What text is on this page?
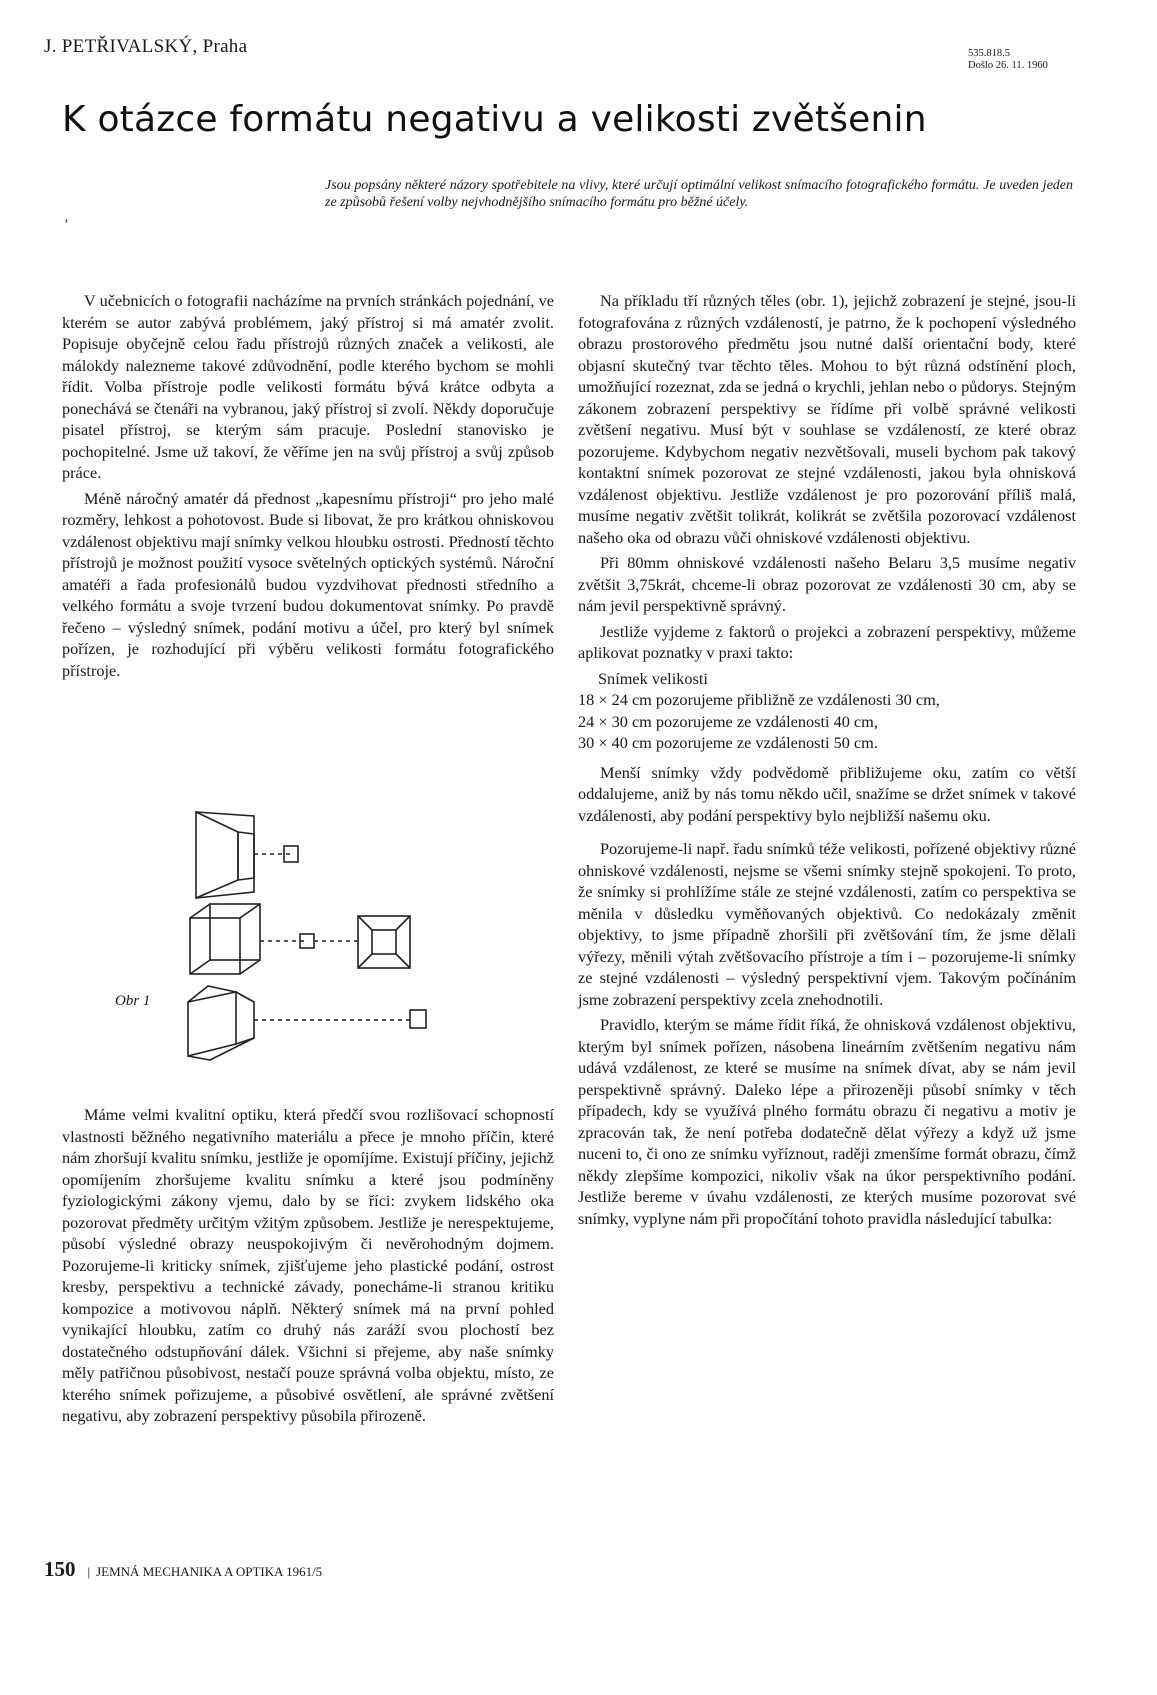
J. PETŘIVALSKÝ, Praha	535.818.5
Došlo 26. 11. 1960
K otázce formátu negativu a velikosti zvětšenin
‚
Jsou popsány některé názory spotřebitele na vlivy, které určují optimální velikost snímacího fotografického formátu. Je uveden jeden ze způsobů řešení volby nejvhodnějšího snímacího formátu pro běžné účely.

V učebnicích o fotografii nacházíme na prvních stránkách pojednání, ve kterém se autor zabývá problémem, jaký přístroj si má amatér zvolit. Popisuje obyčejně celou řadu přístrojů různých značek a velikosti, ale málokdy nalezneme takové zdůvodnění, podle kterého bychom se mohli řídit. Volba přístroje podle velikosti formátu bývá krátce odbyta a ponechává se čtenáři na vybranou, jaký přístroj si zvolí. Někdy doporučuje pisatel přístroj, se kterým sám pracuje. Poslední stanovisko je pochopitelné. Jsme už takoví, že věříme jen na svůj přístroj a svůj způsob práce.

Méně náročný amatér dá přednost „kapesnímu přístroji“ pro jeho malé rozměry, lehkost a pohotovost. Bude si libovat, že pro krátkou ohniskovou vzdálenost objektivu mají snímky velkou hloubku ostrosti. Předností těchto přístrojů je možnost použití vysoce světelných optických systémů. Nároční amatéři a řada profesionálů budou vyzdvihovat přednosti středního a velkého formátu a svoje tvrzení budou dokumentovat snímky. Po pravdě řečeno – výsledný snímek, podání motivu a účel, pro který byl snímek pořízen, je rozhodující při výběru velikosti formátu fotografického přístroje.

Obr 1

Máme velmi kvalitní optiku, která předčí svou rozlišovací schopností vlastnosti běžného negativního materiálu a přece je mnoho příčin, které nám zhoršují kvalitu snímku, jestliže je opomíjíme. Existují příčiny, jejichž opomíjením zhoršujeme kvalitu snímku a které jsou podmíněny fyziologickými zákony vjemu, dalo by se říci: zvykem lidského oka pozorovat předměty určitým vžitým způsobem. Jestliže je nerespektujeme, působí výsledné obrazy neuspokojivým či nevěrohodným dojmem. Pozorujeme-li kriticky snímek, zjišťujeme jeho plastické podání, ostrost kresby, perspektivu a technické závady, ponecháme-li stranou kritiku kompozice a motivovou náplň. Některý snímek má na první pohled vynikající hloubku, zatím co druhý nás zaráží svou plochostí bez dostatečného odstupňování dálek. Všichni si přejeme, aby naše snímky měly patřičnou působivost, nestačí pouze správná volba objektu, místo, ze kterého snímek pořizujeme, a působivé osvětlení, ale správné zvětšení negativu, aby zobrazení perspektivy působila přirozeně.

Na příkladu tří různých těles (obr. 1), jejichž zobrazení je stejné, jsou-li fotografována z různých vzdáleností, je patrno, že k pochopení výsledného obrazu prostorového předmětu jsou nutné další orientační body, které objasní skutečný tvar těchto těles. Mohou to být různá odstínění ploch, umožňující rozeznat, zda se jedná o krychli, jehlan nebo o půdorys. Stejným zákonem zobrazení perspektivy se řídíme při volbě správné velikosti zvětšení negativu. Musí být v souhlase se vzdáleností, ze které obraz pozorujeme. Kdybychom negativ nezvětšovali, museli bychom pak takový kontaktní snímek pozorovat ze stejné vzdálenosti, jakou byla ohnisková vzdálenost objektivu. Jestliže vzdálenost je pro pozorování příliš malá, musíme negativ zvětšit tolikrát, kolikrát se zvětšila pozorovací vzdálenost našeho oka od obrazu vůči ohniskové vzdálenosti objektivu.

Při 80mm ohniskové vzdálenosti našeho Belaru 3,5 musíme negativ zvětšit 3,75krát, chceme-li obraz pozorovat ze vzdálenosti 30 cm, aby se nám jevil perspektivně správný.

Jestliže vyjdeme z faktorů o projekci a zobrazení perspektivy, můžeme aplikovat poznatky v praxi takto:

Snímek velikosti

18 × 24 cm pozorujeme přibližně ze vzdálenosti 30 cm,

24 × 30 cm pozorujeme ze vzdálenosti 40 cm,

30 × 40 cm pozorujeme ze vzdálenosti 50 cm.

Menší snímky vždy podvědomě přibližujeme oku, zatím co větší oddalujeme, aniž by nás tomu někdo učil, snažíme se držet snímek v takové vzdálenosti, aby podání perspektivy bylo nejbližší našemu oku.

Pozorujeme-li např. řadu snímků téže velikosti, pořízené objektivy různé ohniskové vzdálenosti, nejsme se všemi snímky stejně spokojeni. To proto, že snímky si prohlížíme stále ze stejné vzdálenosti, zatím co perspektiva se měnila v důsledku vyměňovaných objektivů. Co nedokázaly změnit objektivy, to jsme případně zhoršili při zvětšování tím, že jsme dělali výřezy, měnili výtah zvětšovacího přístroje a tím i – pozorujeme-li snímky ze stejné vzdálenosti – výsledný perspektivní vjem. Takovým počínáním jsme zobrazení perspektivy zcela znehodnotili.

Pravidlo, kterým se máme řídit říká, že ohnisková vzdálenost objektivu, kterým byl snímek pořízen, násobena lineárním zvětšením negativu nám udává vzdálenost, ze které se musíme na snímek dívat, aby se nám jevil perspektivně správný. Daleko lépe a přirozeněji působí snímky v těch případech, kdy se využívá plného formátu obrazu či negativu a motiv je zpracován tak, že není potřeba dodatečně dělat výřezy a když už jsme nuceni to, či ono ze snímku vyříznout, raději zmenšíme formát obrazu, čímž někdy zlepšíme kompozici, nikoliv však na úkor perspektivního podání. Jestliže bereme v úvahu vzdálenosti, ze kterých musíme pozorovat své snímky, vyplyne nám při propočítání tohoto pravidla následující tabulka:

150 | JEMNÁ MECHANIKA A OPTIKA 1961/5
